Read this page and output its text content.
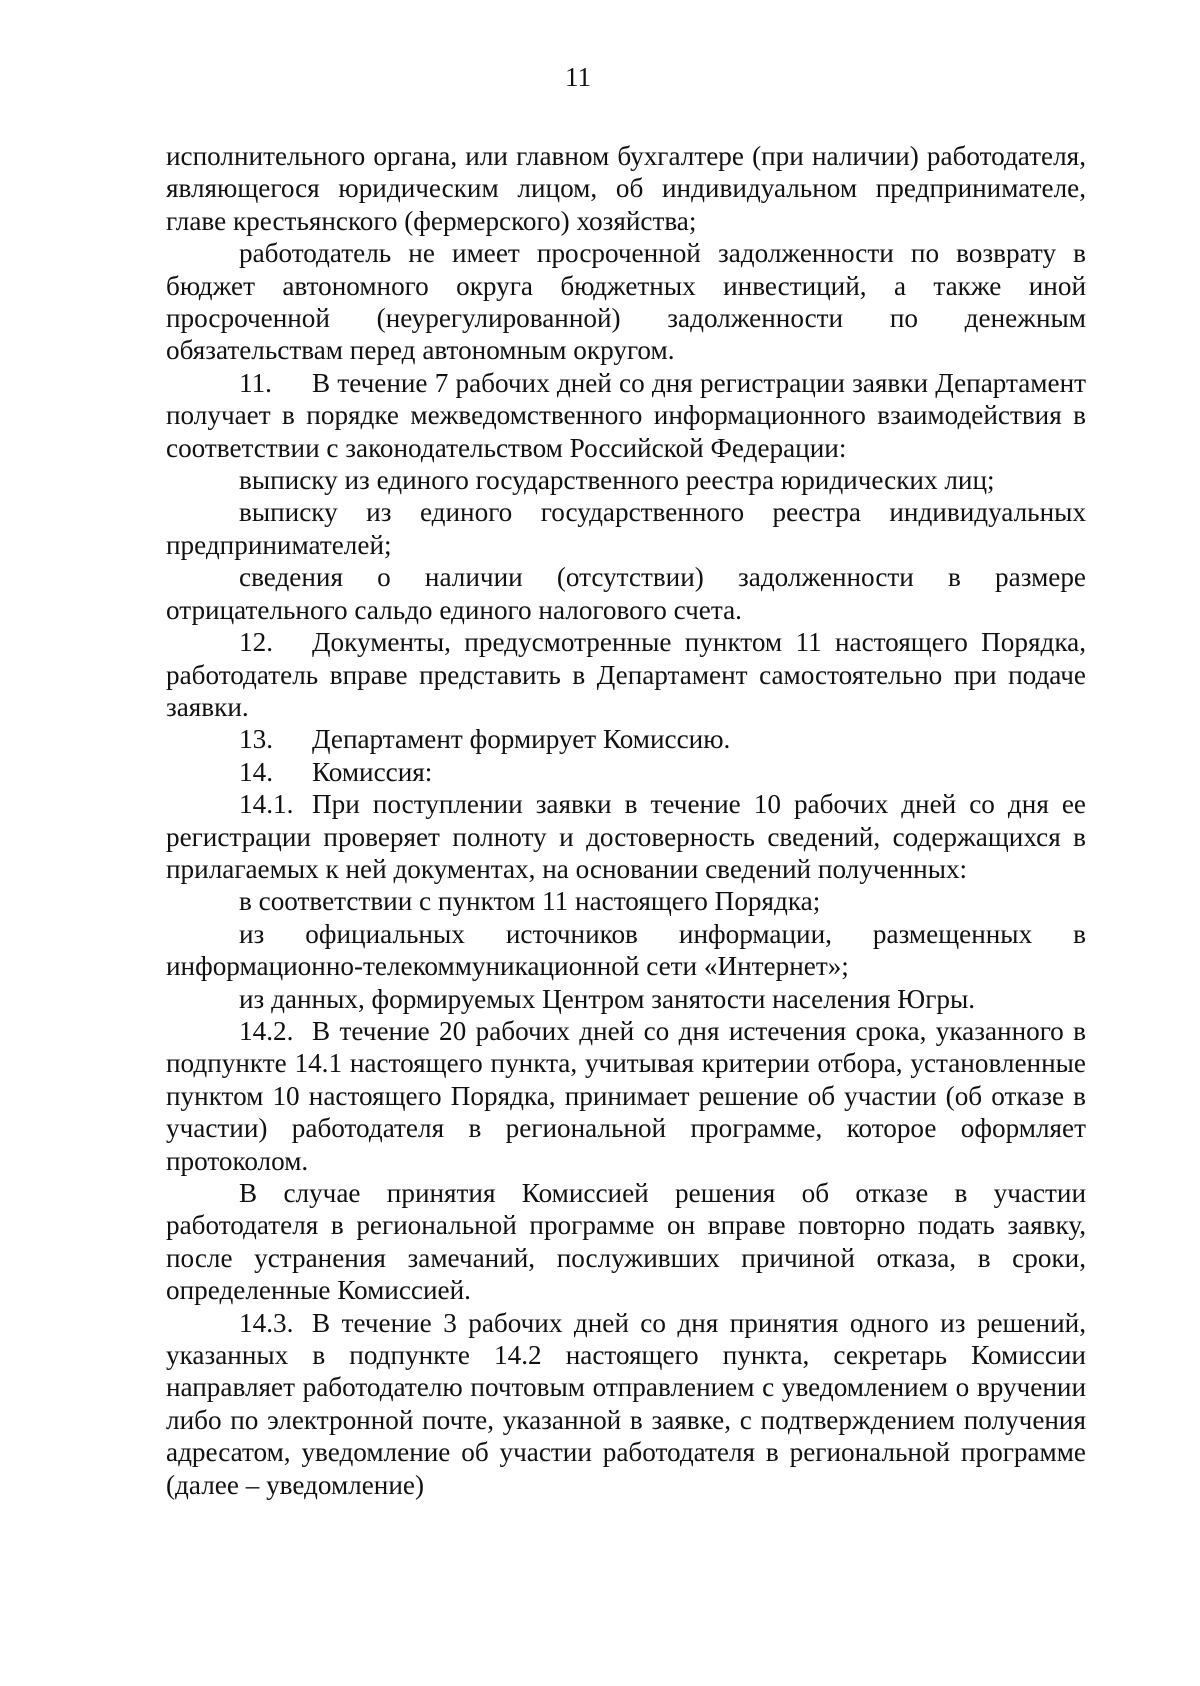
11

исполнительного органа, или главном бухгалтере (при наличии) работодателя, являющегося юридическим лицом, об индивидуальном предпринимателе, главе крестьянского (фермерского) хозяйства;

работодатель не имеет просроченной задолженности по возврату в бюджет автономного округа бюджетных инвестиций, а также иной просроченной (неурегулированной) задолженности по денежным обязательствам перед автономным округом.

11. В течение 7 рабочих дней со дня регистрации заявки Департамент получает в порядке межведомственного информационного взаимодействия в соответствии с законодательством Российской Федерации:

выписку из единого государственного реестра юридических лиц;

выписку из единого государственного реестра индивидуальных предпринимателей;

сведения о наличии (отсутствии) задолженности в размере отрицательного сальдо единого налогового счета.

12. Документы, предусмотренные пунктом 11 настоящего Порядка, работодатель вправе представить в Департамент самостоятельно при подаче заявки.

13. Департамент формирует Комиссию.

14. Комиссия:

14.1. При поступлении заявки в течение 10 рабочих дней со дня ее регистрации проверяет полноту и достоверность сведений, содержащихся в прилагаемых к ней документах, на основании сведений полученных:

в соответствии с пунктом 11 настоящего Порядка;

из официальных источников информации, размещенных в информационно-телекоммуникационной сети «Интернет»;

из данных, формируемых Центром занятости населения Югры.

14.2. В течение 20 рабочих дней со дня истечения срока, указанного в подпункте 14.1 настоящего пункта, учитывая критерии отбора, установленные пунктом 10 настоящего Порядка, принимает решение об участии (об отказе в участии) работодателя в региональной программе, которое оформляет протоколом.

В случае принятия Комиссией решения об отказе в участии работодателя в региональной программе он вправе повторно подать заявку, после устранения замечаний, послуживших причиной отказа, в сроки, определенные Комиссией.

14.3. В течение 3 рабочих дней со дня принятия одного из решений, указанных в подпункте 14.2 настоящего пункта, секретарь Комиссии направляет работодателю почтовым отправлением с уведомлением о вручении либо по электронной почте, указанной в заявке, с подтверждением получения адресатом, уведомление об участии работодателя в региональной программе (далее – уведомление)
